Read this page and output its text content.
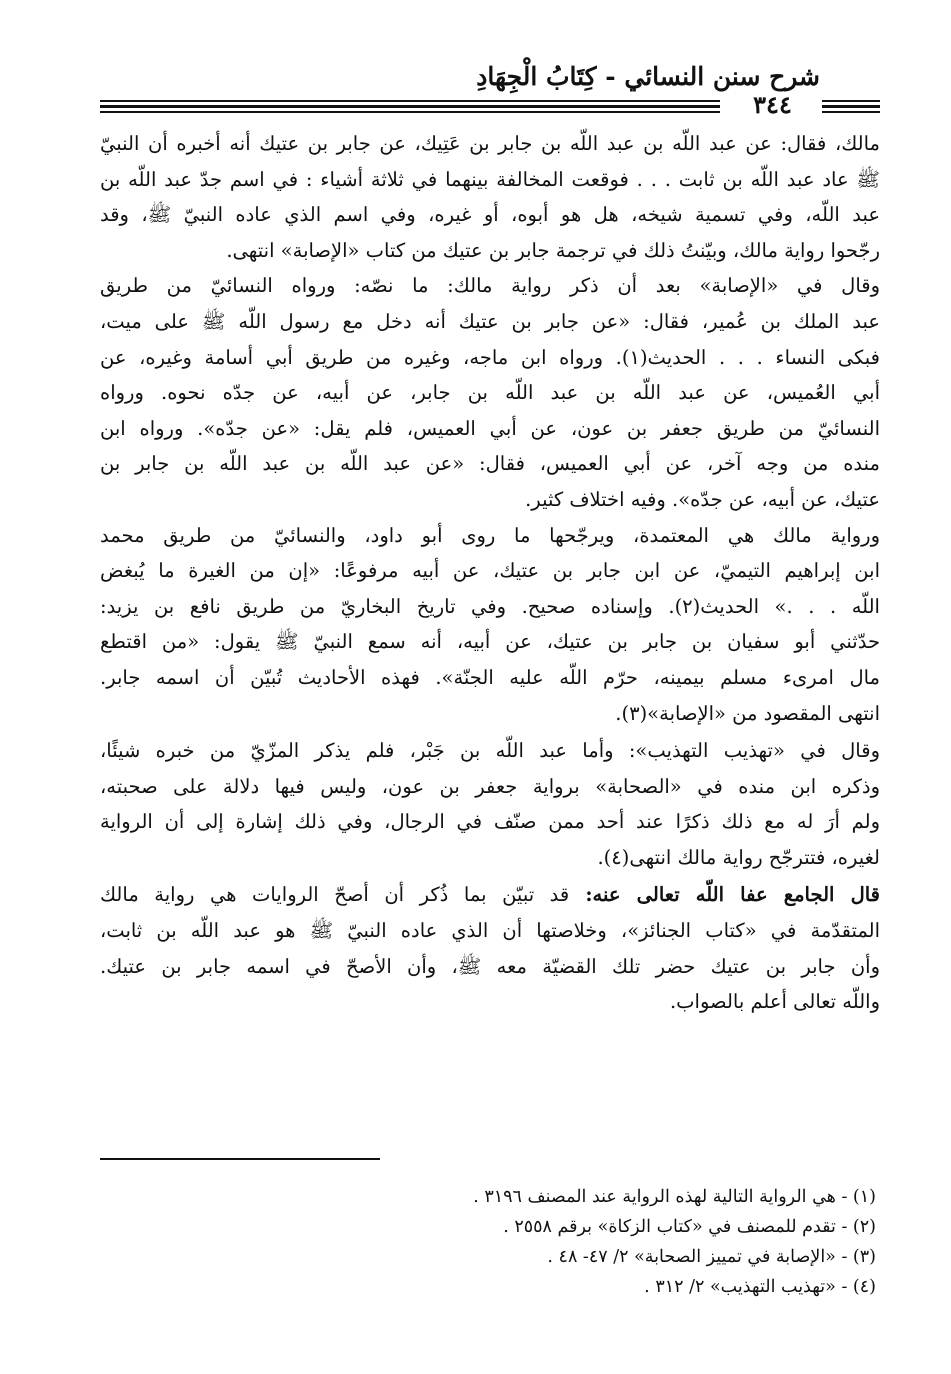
شرح سنن النسائي - كِتَابُ الْجِهَادِ
٣٤٤
مالك، فقال: عن عبد اللّه بن عبد اللّه بن جابر بن عَتِيك، عن جابر بن عتيك أنه أخبره أن النبيّ
ﷺ عاد عبد اللّه بن ثابت . . . فوقعت المخالفة بينهما في ثلاثة أشياء : في اسم جدّ عبد اللّه بن
عبد اللّه، وفي تسمية شيخه، هل هو أبوه، أو غيره، وفي اسم الذي عاده النبيّ ﷺ، وقد
رجّحوا رواية مالك، وبيّنتُ ذلك في ترجمة جابر بن عتيك من كتاب «الإصابة» انتهى.
وقال في «الإصابة» بعد أن ذكر رواية مالك: ما نصّه: ورواه النسائيّ من طريق
عبد الملك بن عُمير، فقال: «عن جابر بن عتيك أنه دخل مع رسول اللّه ﷺ على ميت،
فبكى النساء . . . الحديث(١). ورواه ابن ماجه، وغيره من طريق أبي أسامة وغيره، عن
أبي العُميس، عن عبد اللّه بن عبد اللّه بن جابر، عن أبيه، عن جدّه نحوه. ورواه
النسائيّ من طريق جعفر بن عون، عن أبي العميس، فلم يقل: «عن جدّه». ورواه ابن
منده من وجه آخر، عن أبي العميس، فقال: «عن عبد اللّه بن عبد اللّه بن جابر بن
عتيك، عن أبيه، عن جدّه». وفيه اختلاف كثير.
ورواية مالك هي المعتمدة، ويرجّحها ما روى أبو داود، والنسائيّ من طريق محمد
ابن إبراهيم التيميّ، عن ابن جابر بن عتيك، عن أبيه مرفوعًا: «إن من الغيرة ما يُبغض
اللّه . . .» الحديث(٢). وإسناده صحيح. وفي تاريخ البخاريّ من طريق نافع بن يزيد:
حدّثني أبو سفيان بن جابر بن عتيك، عن أبيه، أنه سمع النبيّ ﷺ يقول: «من اقتطع
مال امرىء مسلم بيمينه، حرّم اللّه عليه الجنّة». فهذه الأحاديث تُبيّن أن اسمه جابر.
انتهى المقصود من «الإصابة»(٣).
وقال في «تهذيب التهذيب»: وأما عبد اللّه بن جَبْر، فلم يذكر المزّيّ من خبره شيئًا،
وذكره ابن منده في «الصحابة» برواية جعفر بن عون، وليس فيها دلالة على صحبته،
ولم أرَ له مع ذلك ذكرًا عند أحد ممن صنّف في الرجال، وفي ذلك إشارة إلى أن الرواية
لغيره، فتترجّح رواية مالك انتهى(٤).
قال الجامع عفا اللّه تعالى عنه: قد تبيّن بما ذُكر أن أصحّ الروايات هي رواية مالك
المتقدّمة في «كتاب الجنائز»، وخلاصتها أن الذي عاده النبيّ ﷺ هو عبد اللّه بن ثابت،
وأن جابر بن عتيك حضر تلك القضيّة معه ﷺ، وأن الأصحّ في اسمه جابر بن عتيك.
واللّه تعالى أعلم بالصواب.
(١) - هي الرواية التالية لهذه الرواية عند المصنف ٣١٩٦ .
(٢) - تقدم للمصنف في «كتاب الزكاة» برقم ٢٥٥٨ .
(٣) - «الإصابة في تمييز الصحابة» ٢/ ٤٧- ٤٨ .
(٤) - «تهذيب التهذيب» ٢/ ٣١٢ .
